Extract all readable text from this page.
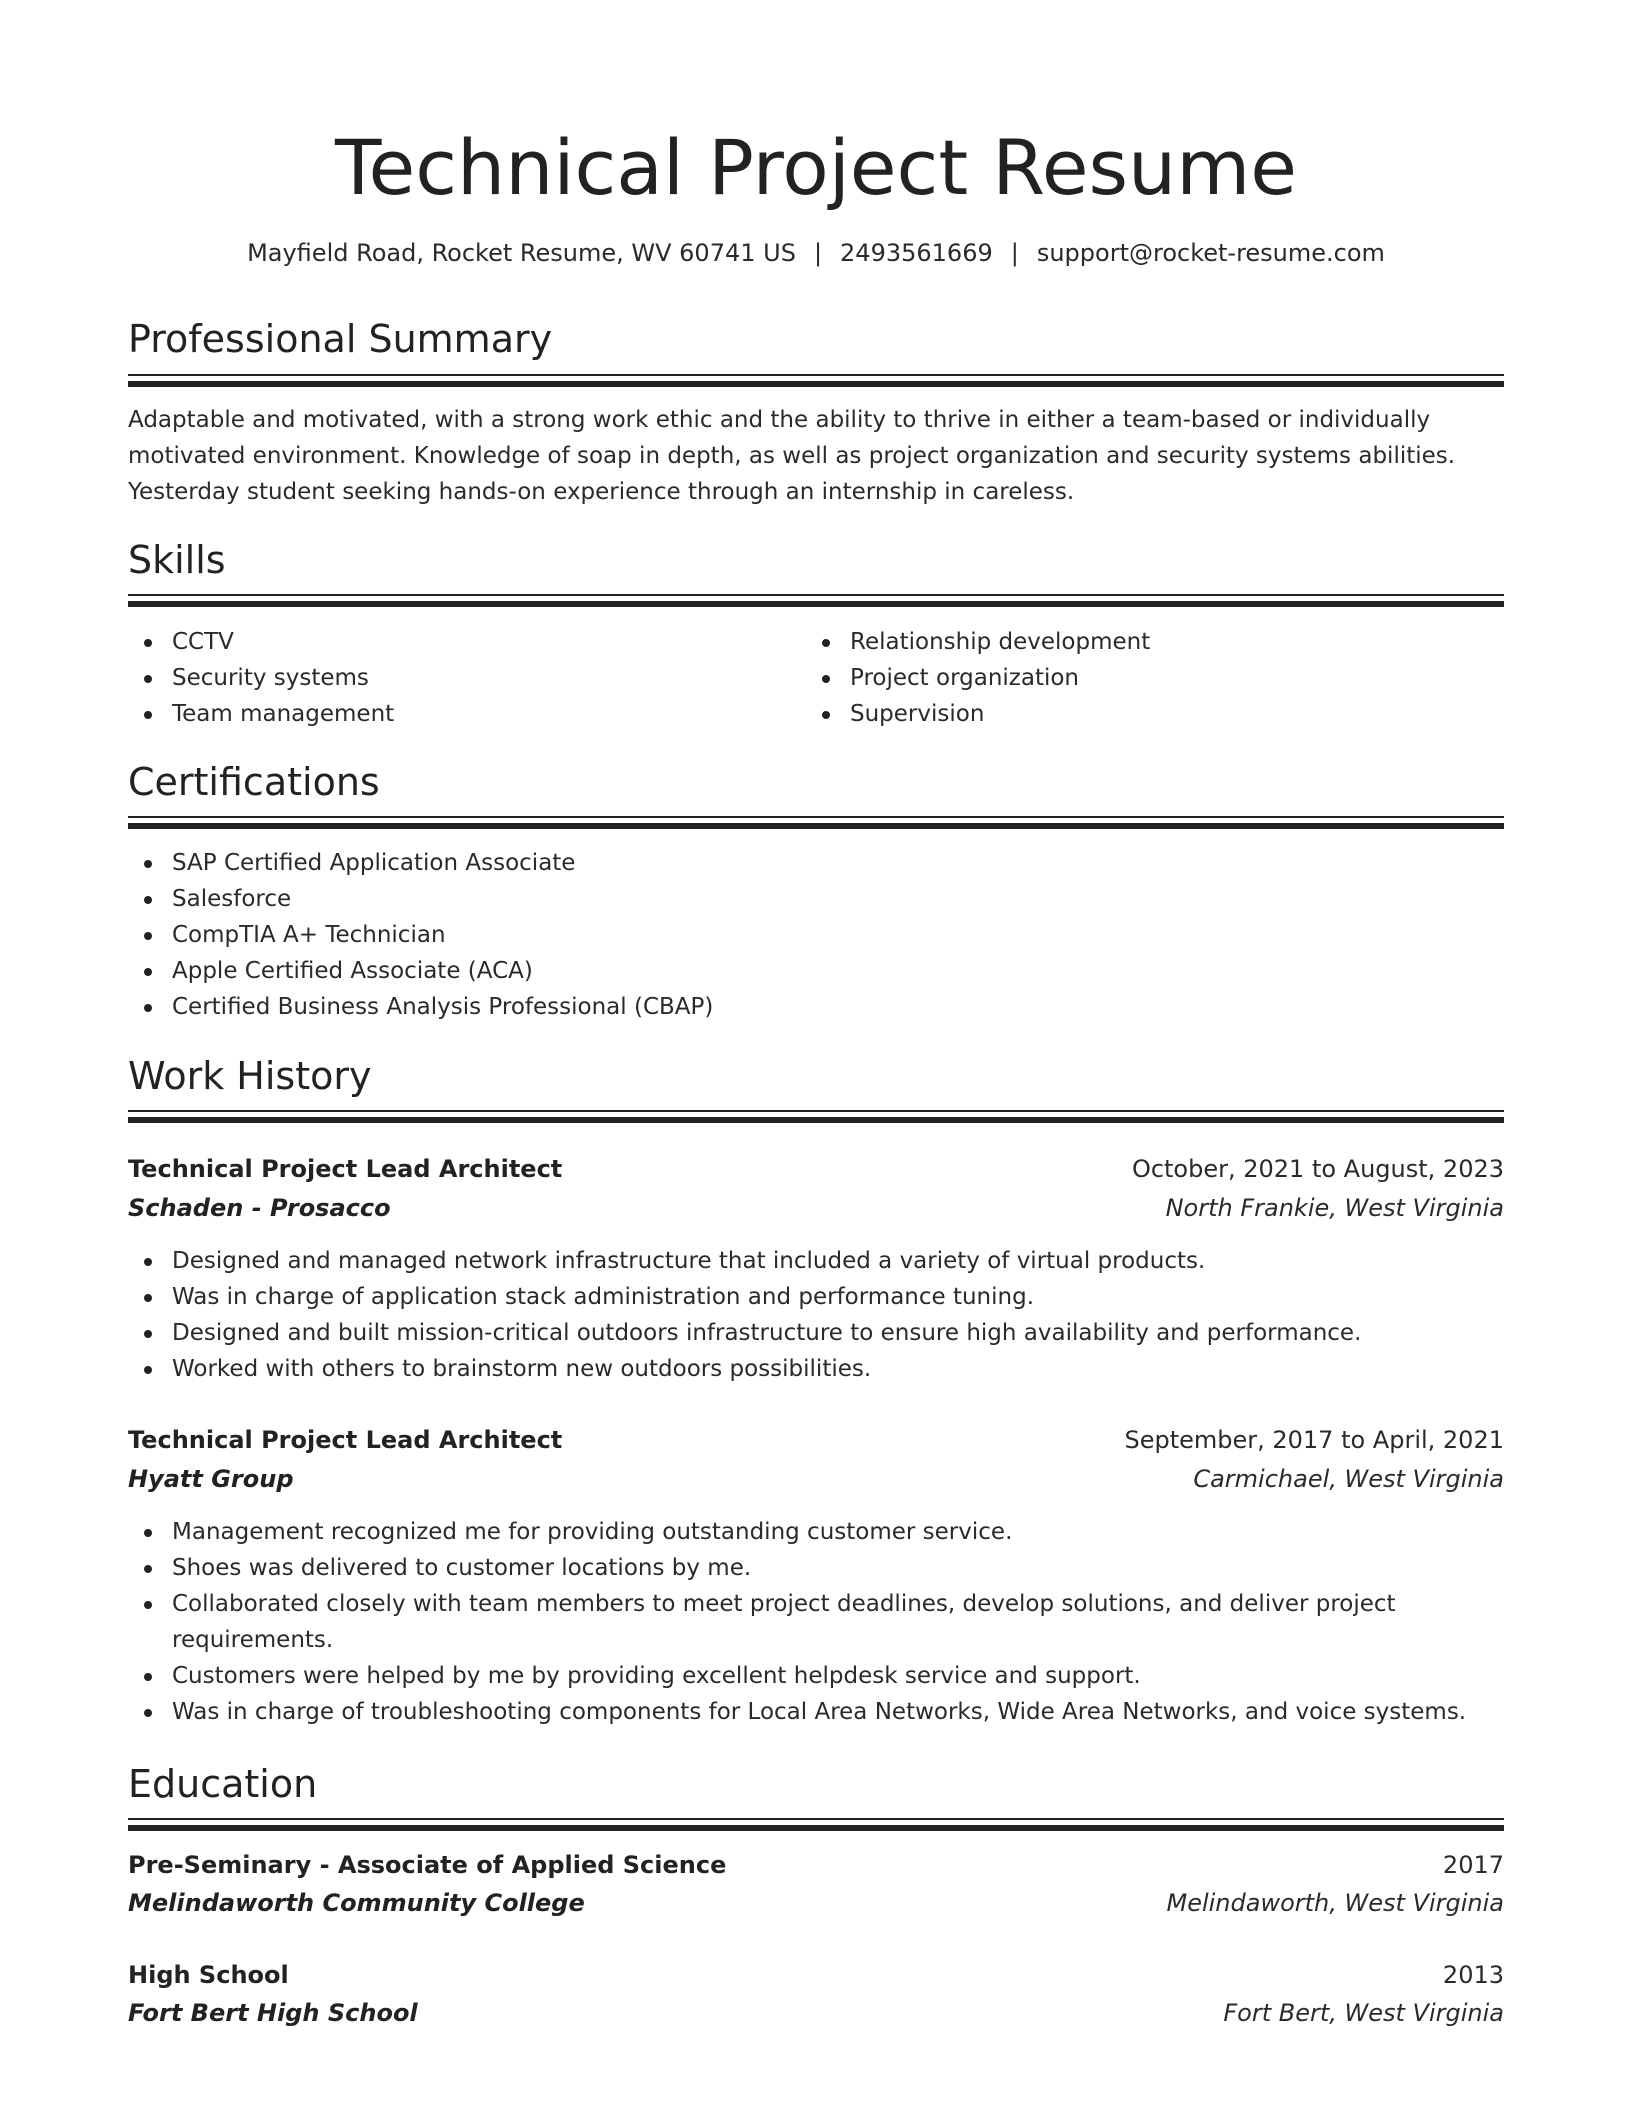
Technical Project Resume
Mayfield Road, Rocket Resume, WV 60741 US | 2493561669 | support@rocket-resume.com
Professional Summary
Adaptable and motivated, with a strong work ethic and the ability to thrive in either a team-based or individually motivated environment. Knowledge of soap in depth, as well as project organization and security systems abilities. Yesterday student seeking hands-on experience through an internship in careless.
Skills
CCTV
Security systems
Team management
Relationship development
Project organization
Supervision
Certifications
SAP Certified Application Associate
Salesforce
CompTIA A+ Technician
Apple Certified Associate (ACA)
Certified Business Analysis Professional (CBAP)
Work History
Technical Project Lead Architect	October, 2021 to August, 2023
Schaden - Prosacco	North Frankie, West Virginia
Designed and managed network infrastructure that included a variety of virtual products.
Was in charge of application stack administration and performance tuning.
Designed and built mission-critical outdoors infrastructure to ensure high availability and performance.
Worked with others to brainstorm new outdoors possibilities.
Technical Project Lead Architect	September, 2017 to April, 2021
Hyatt Group	Carmichael, West Virginia
Management recognized me for providing outstanding customer service.
Shoes was delivered to customer locations by me.
Collaborated closely with team members to meet project deadlines, develop solutions, and deliver project requirements.
Customers were helped by me by providing excellent helpdesk service and support.
Was in charge of troubleshooting components for Local Area Networks, Wide Area Networks, and voice systems.
Education
Pre-Seminary - Associate of Applied Science	2017
Melindaworth Community College	Melindaworth, West Virginia
High School	2013
Fort Bert High School	Fort Bert, West Virginia
